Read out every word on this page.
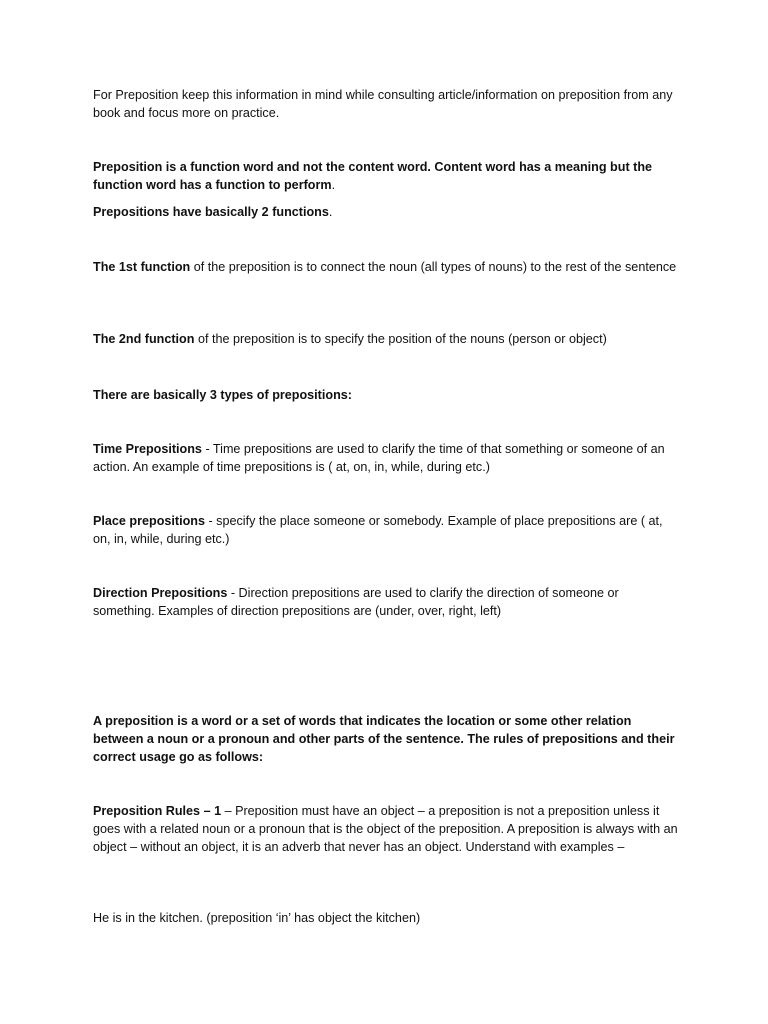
For Preposition keep this information in mind while consulting article/information on preposition from any book and focus more on practice.

Preposition is a function word and not the content word. Content word has a meaning but the function word has a function to perform.

Prepositions have basically 2 functions.

The 1st function of the preposition is to connect the noun (all types of nouns) to the rest of the sentence

The 2nd function of the preposition is to specify the position of the nouns (person or object)

There are basically 3 types of prepositions:

Time Prepositions - Time prepositions are used to clarify the time of that something or someone of an action. An example of time prepositions is ( at, on, in, while, during etc.)

Place prepositions - specify the place someone or somebody. Example of place prepositions are ( at, on, in, while, during etc.)

Direction Prepositions - Direction prepositions are used to clarify the direction of someone or something. Examples of direction prepositions are (under, over, right, left)

A preposition is a word or a set of words that indicates the location or some other relation between a noun or a pronoun and other parts of the sentence. The rules of prepositions and their correct usage go as follows:

Preposition Rules – 1 – Preposition must have an object – a preposition is not a preposition unless it goes with a related noun or a pronoun that is the object of the preposition. A preposition is always with an object – without an object, it is an adverb that never has an object. Understand with examples –

He is in the kitchen. (preposition ‘in’ has object the kitchen)
